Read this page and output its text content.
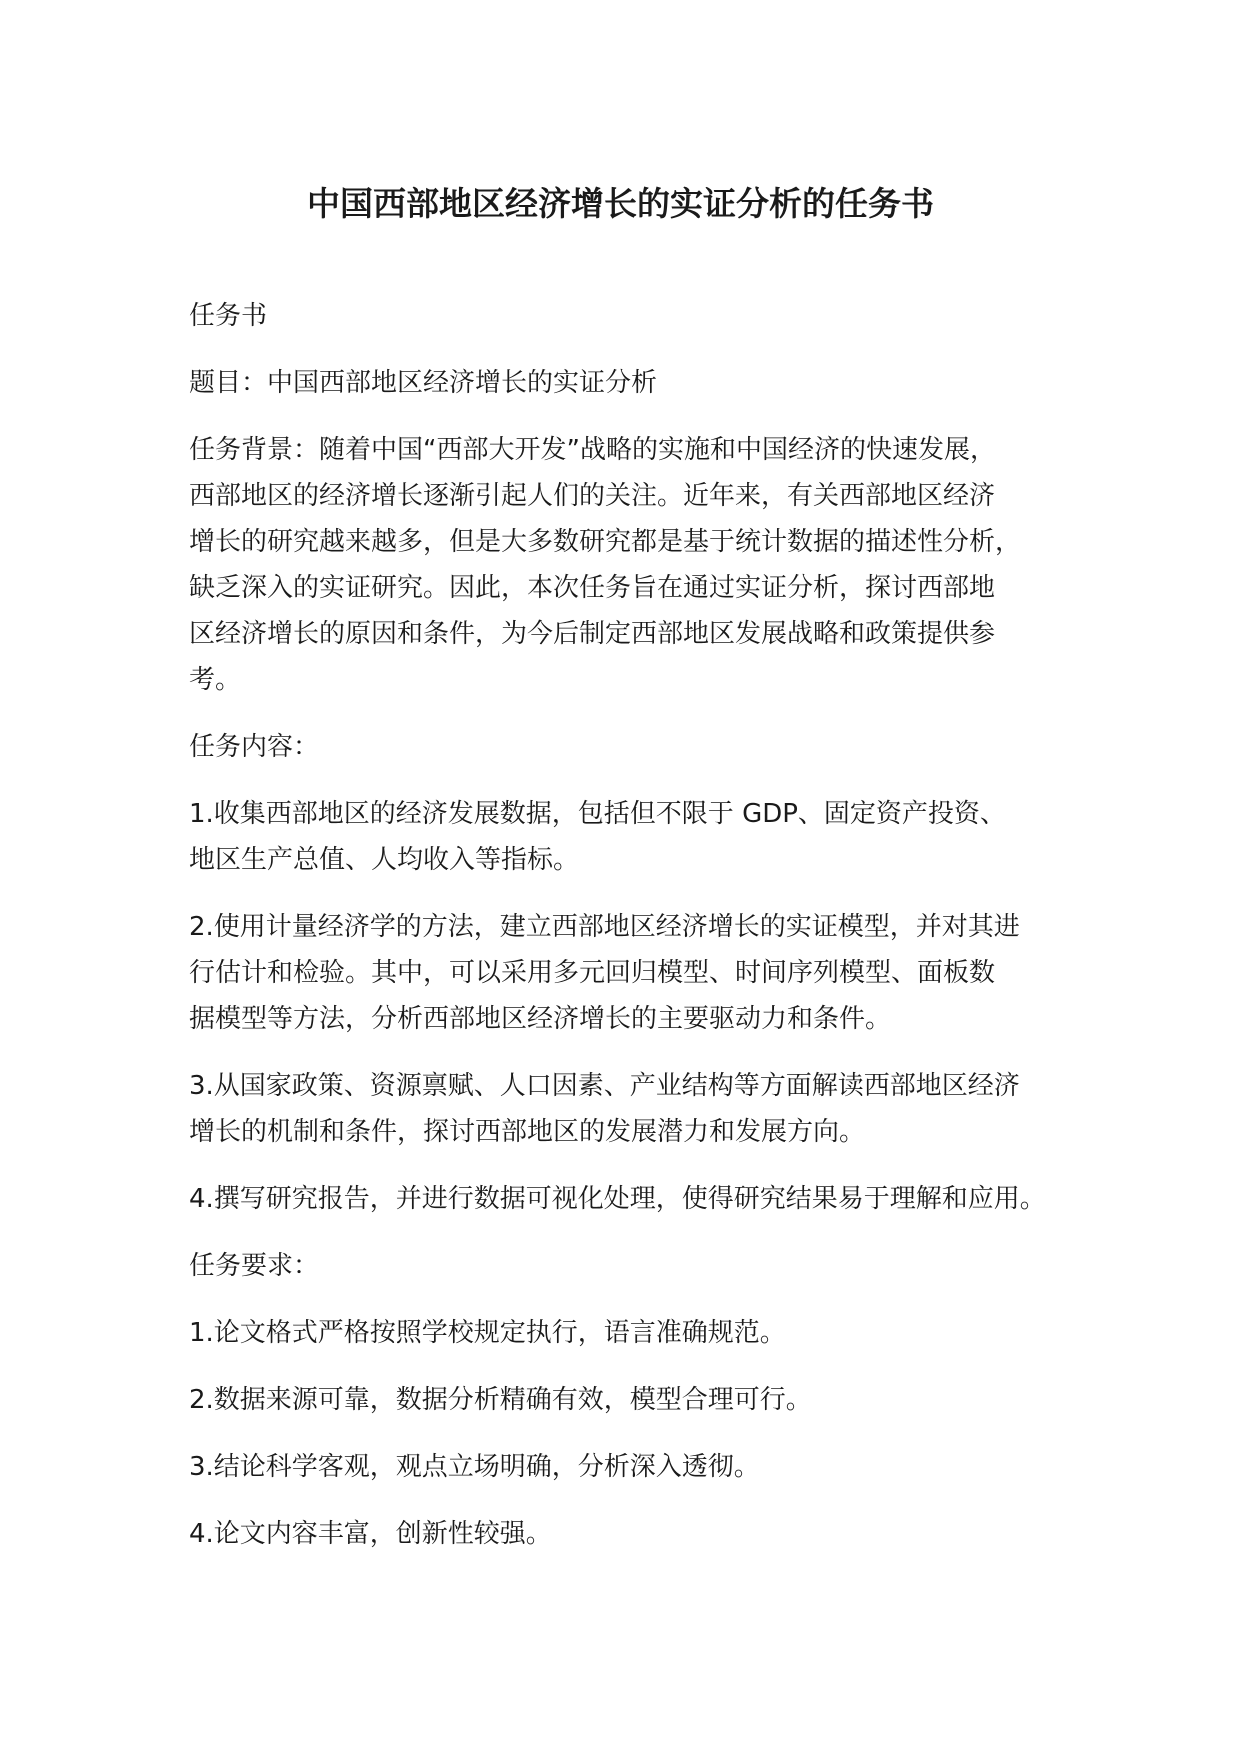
中国西部地区经济增长的实证分析的任务书

任务书

题目：中国西部地区经济增长的实证分析

任务背景：随着中国“西部大开发”战略的实施和中国经济的快速发展，
西部地区的经济增长逐渐引起人们的关注。近年来，有关西部地区经济
增长的研究越来越多，但是大多数研究都是基于统计数据的描述性分析，
缺乏深入的实证研究。因此，本次任务旨在通过实证分析，探讨西部地
区经济增长的原因和条件，为今后制定西部地区发展战略和政策提供参
考。

任务内容：

1.收集西部地区的经济发展数据，包括但不限于 GDP、固定资产投资、
地区生产总值、人均收入等指标。

2.使用计量经济学的方法，建立西部地区经济增长的实证模型，并对其进
行估计和检验。其中，可以采用多元回归模型、时间序列模型、面板数
据模型等方法，分析西部地区经济增长的主要驱动力和条件。

3.从国家政策、资源禀赋、人口因素、产业结构等方面解读西部地区经济
增长的机制和条件，探讨西部地区的发展潜力和发展方向。

4.撰写研究报告，并进行数据可视化处理，使得研究结果易于理解和应用。

任务要求：

1.论文格式严格按照学校规定执行，语言准确规范。

2.数据来源可靠，数据分析精确有效，模型合理可行。

3.结论科学客观，观点立场明确，分析深入透彻。

4.论文内容丰富，创新性较强。
